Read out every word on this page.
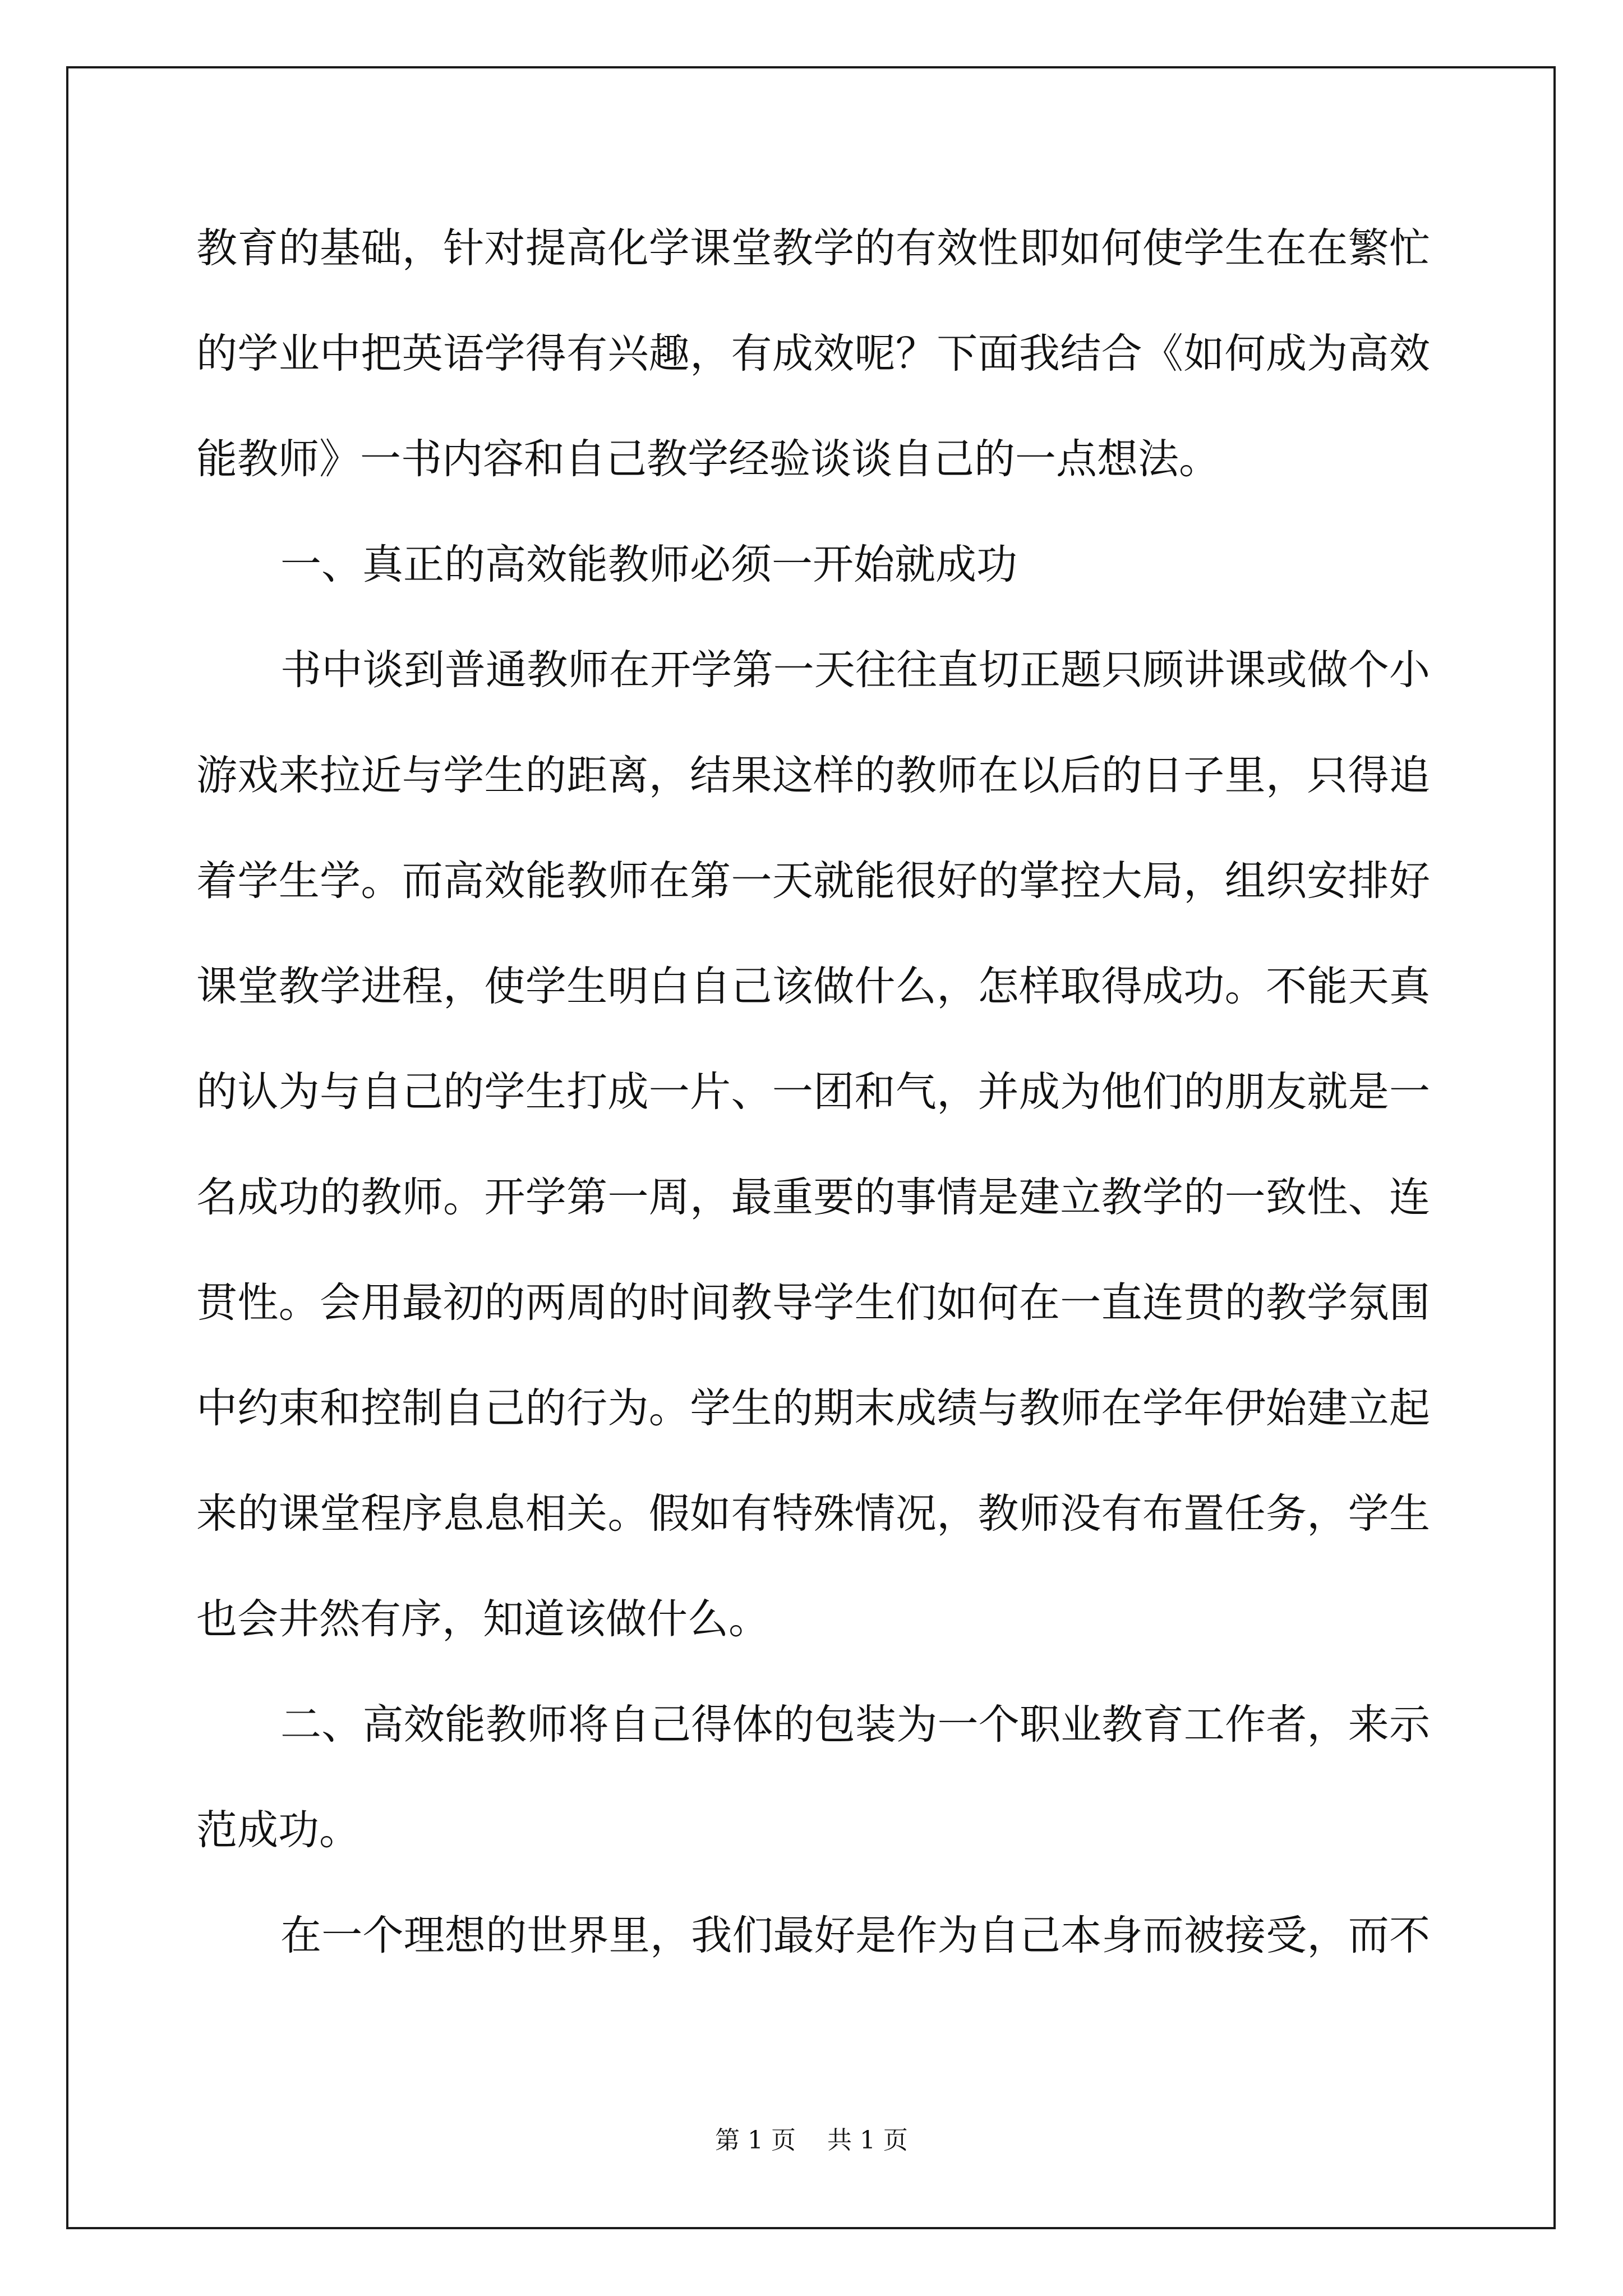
教育的基础，针对提高化学课堂教学的有效性即如何使学生在在繁忙
的学业中把英语学得有兴趣，有成效呢？下面我结合《如何成为高效
能教师》一书内容和自己教学经验谈谈自己的一点想法。
一、真正的高效能教师必须一开始就成功
书中谈到普通教师在开学第一天往往直切正题只顾讲课或做个小
游戏来拉近与学生的距离，结果这样的教师在以后的日子里，只得追
着学生学。而高效能教师在第一天就能很好的掌控大局，组织安排好
课堂教学进程，使学生明白自己该做什么，怎样取得成功。不能天真
的认为与自己的学生打成一片、一团和气，并成为他们的朋友就是一
名成功的教师。开学第一周，最重要的事情是建立教学的一致性、连
贯性。会用最初的两周的时间教导学生们如何在一直连贯的教学氛围
中约束和控制自己的行为。学生的期末成绩与教师在学年伊始建立起
来的课堂程序息息相关。假如有特殊情况，教师没有布置任务，学生
也会井然有序，知道该做什么。
二、高效能教师将自己得体的包装为一个职业教育工作者，来示
范成功。
在一个理想的世界里，我们最好是作为自己本身而被接受，而不
第 1 页 共 1 页
